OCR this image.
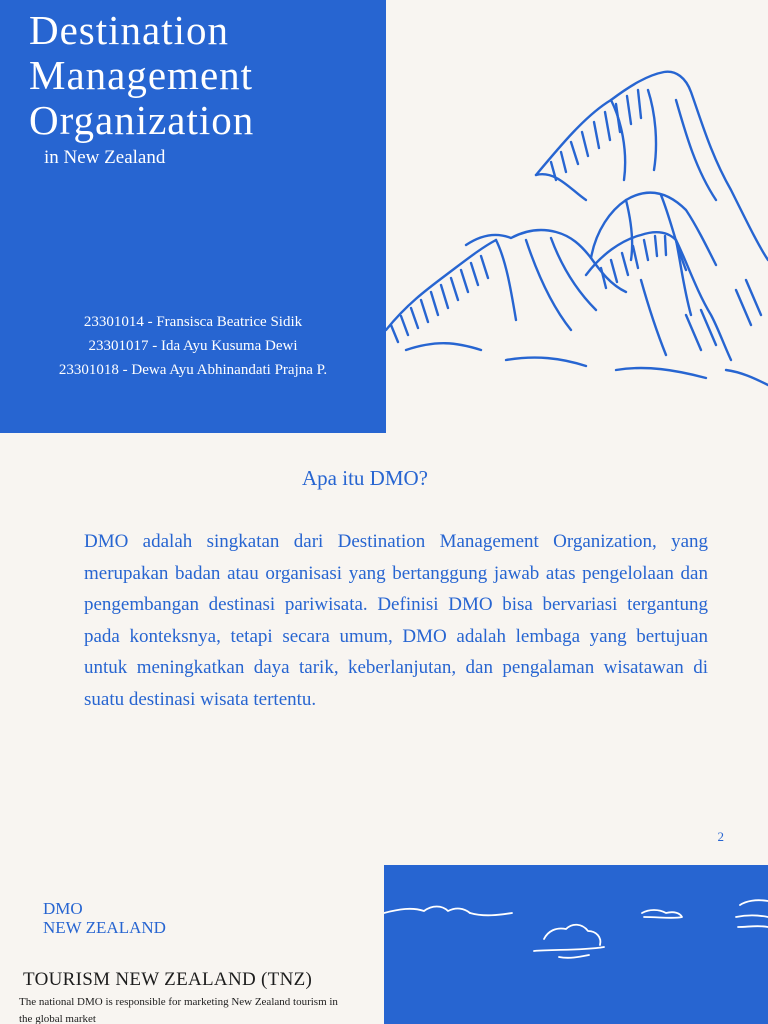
Destination Management Organization

in New Zealand

23301014 - Fransisca Beatrice Sidik
23301017 - Ida Ayu Kusuma Dewi
23301018 - Dewa Ayu Abhinandati Prajna P.
Apa itu DMO?

DMO adalah singkatan dari Destination Management Organization, yang merupakan badan atau organisasi yang bertanggung jawab atas pengelolaan dan pengembangan destinasi pariwisata. Definisi DMO bisa bervariasi tergantung pada konteksnya, tetapi secara umum, DMO adalah lembaga yang bertujuan untuk meningkatkan daya tarik, keberlanjutan, dan pengalaman wisatawan di suatu destinasi wisata tertentu.

2
DMO
NEW ZEALAND
TOURISM NEW ZEALAND (TNZ)

The national DMO is responsible for marketing New Zealand tourism in the global market
